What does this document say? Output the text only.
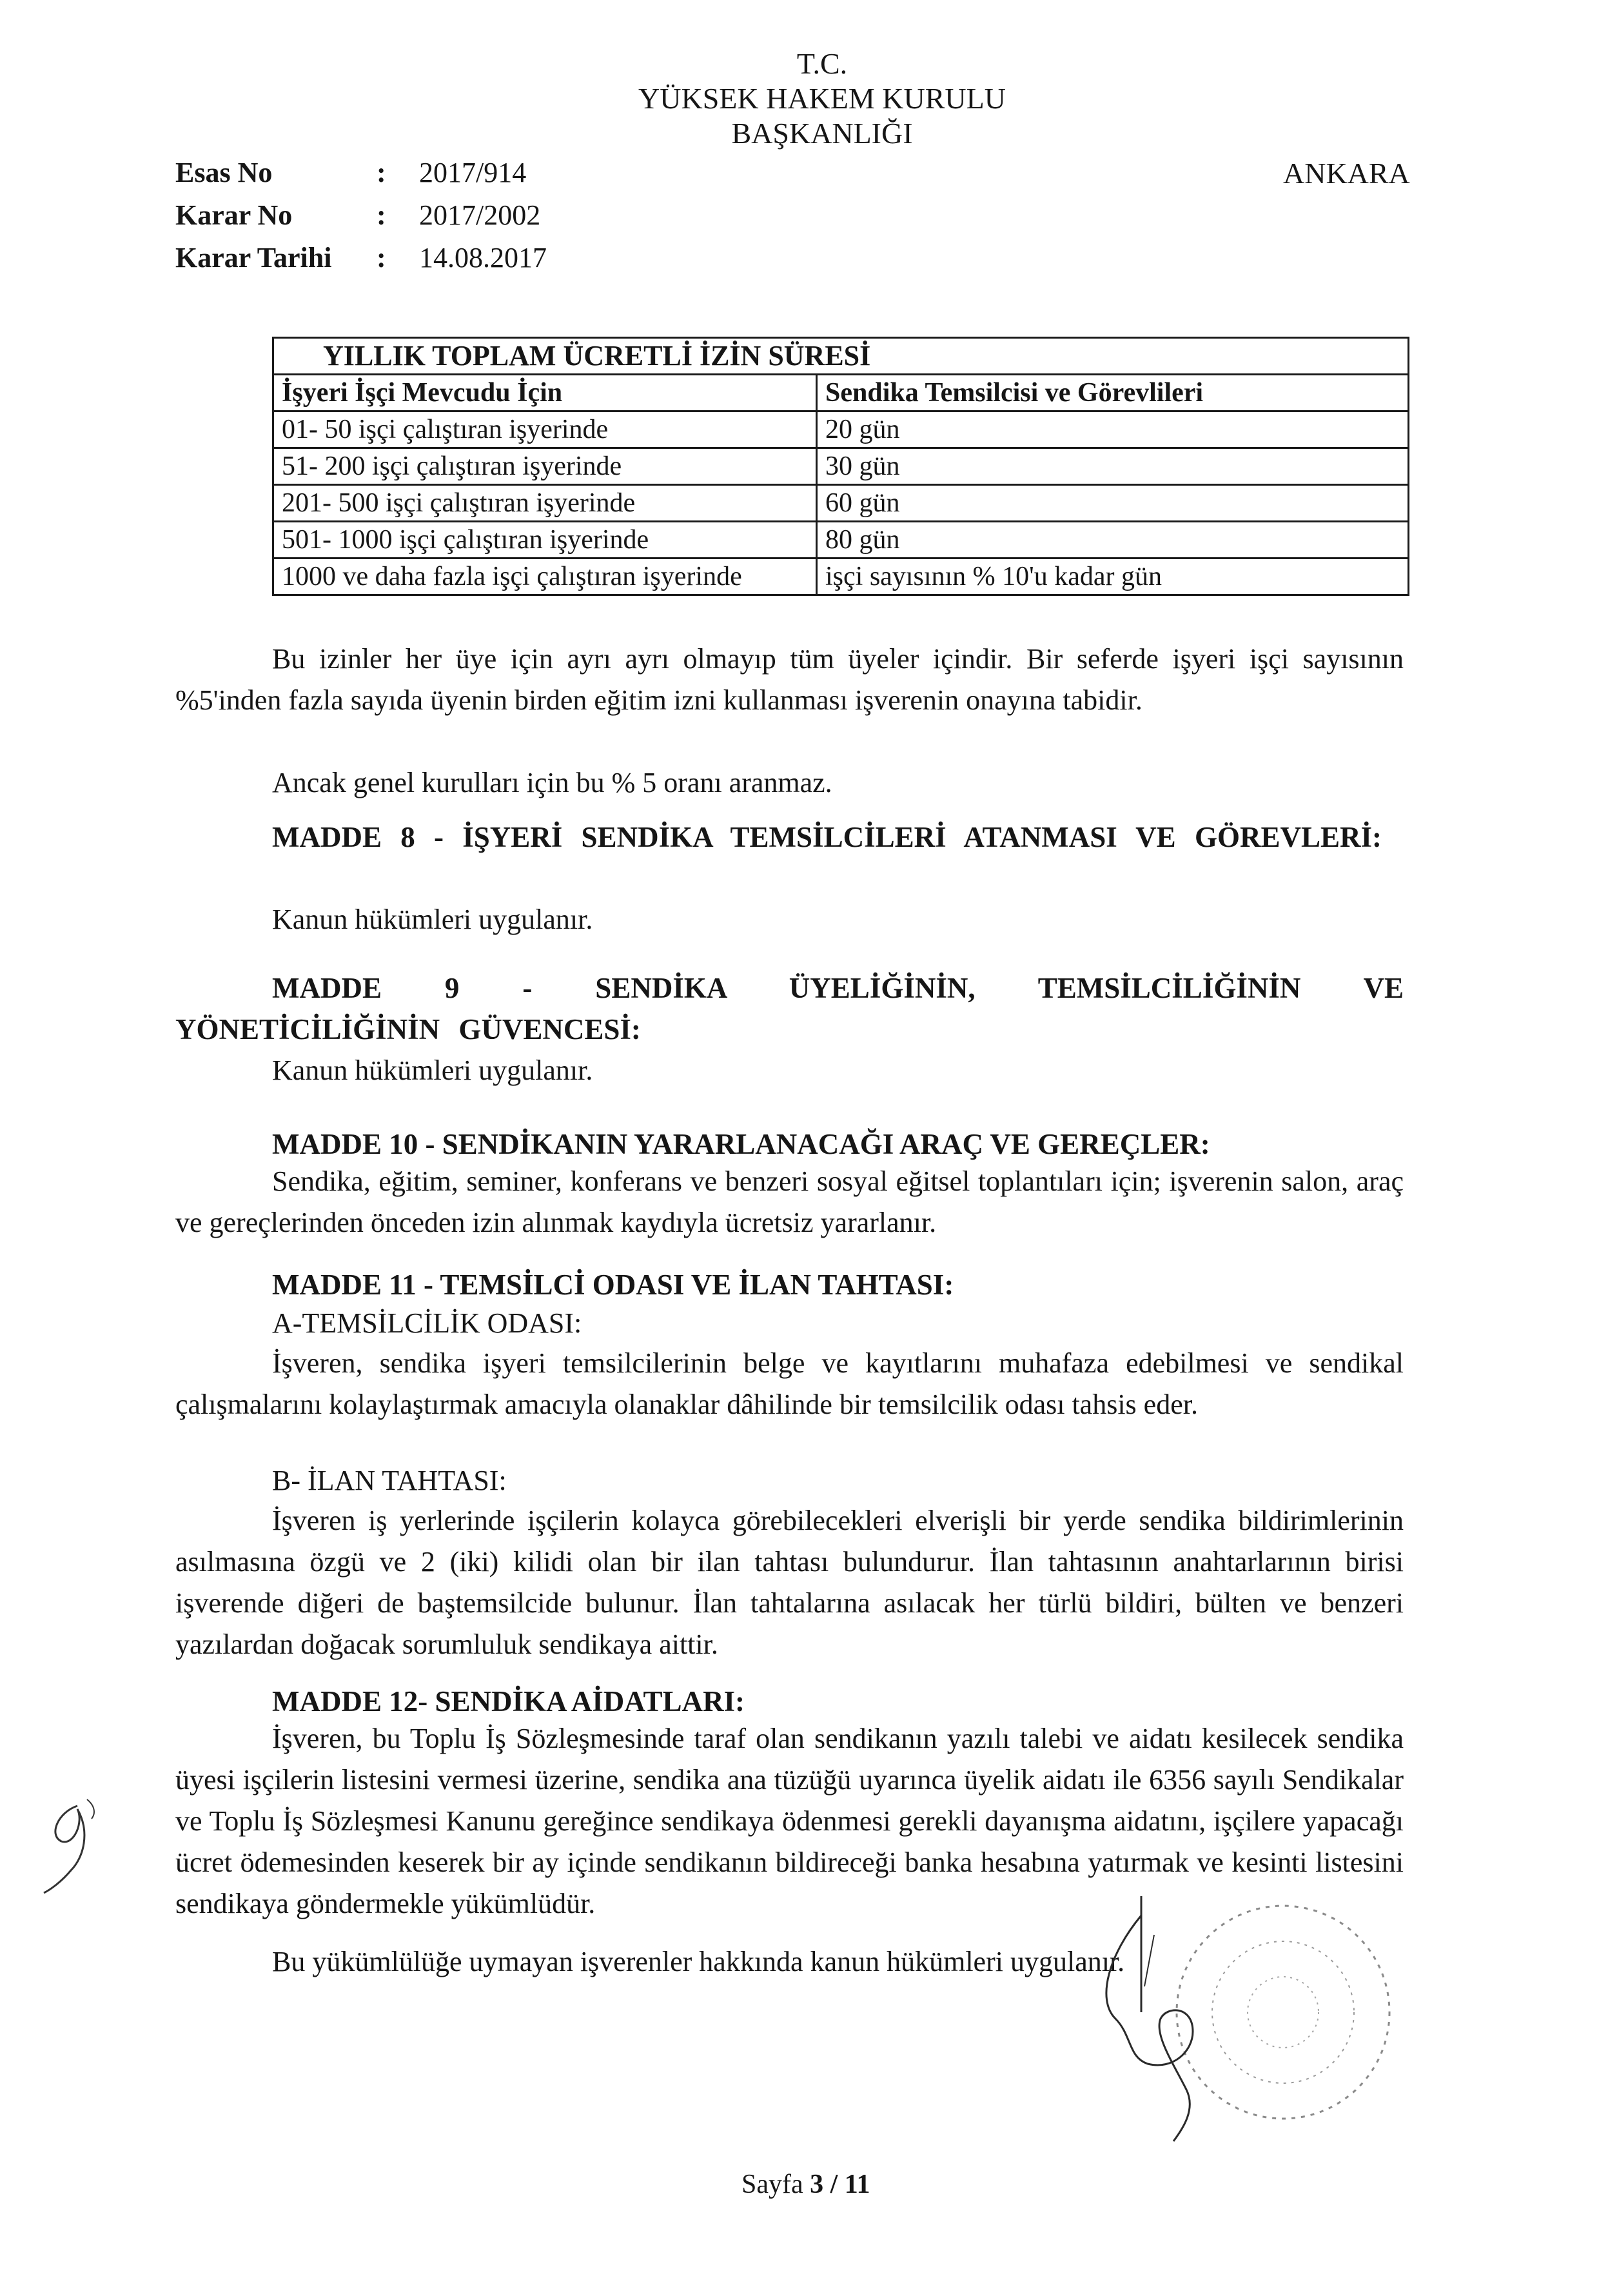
T.C.
YÜKSEK HAKEM KURULU
BAŞKANLIĞI
ANKARA
Esas No	:	2017/914
Karar No	:	2017/2002
Karar Tarihi	:	14.08.2017
YILLIK TOPLAM ÜCRETLİ İZİN SÜRESİ	
İşyeri İşçi Mevcudu İçin	Sendika Temsilcisi ve Görevlileri
01- 50 işçi çalıştıran işyerinde	20 gün
51- 200 işçi çalıştıran işyerinde	30 gün
201- 500 işçi çalıştıran işyerinde	60 gün
501- 1000 işçi çalıştıran işyerinde	80 gün
1000 ve daha fazla işçi çalıştıran işyerinde	işçi sayısının % 10'u kadar gün
Bu izinler her üye için ayrı ayrı olmayıp tüm üyeler içindir. Bir seferde işyeri işçi sayısının %5'inden fazla sayıda üyenin birden eğitim izni kullanması işverenin onayına tabidir.
Ancak genel kurulları için bu % 5 oranı aranmaz.
MADDE 8 - İŞYERİ SENDİKA TEMSİLCİLERİ ATANMASI VE GÖREVLERİ:
Kanun hükümleri uygulanır.
MADDE 9 - SENDİKA ÜYELİĞİNİN, TEMSİLCİLİĞİNİN VE YÖNETİCİLİĞİNİN GÜVENCESİ:
Kanun hükümleri uygulanır.
MADDE 10 - SENDİKANIN YARARLANACAĞI ARAÇ VE GEREÇLER:
Sendika, eğitim, seminer, konferans ve benzeri sosyal eğitsel toplantıları için; işverenin salon, araç ve gereçlerinden önceden izin alınmak kaydıyla ücretsiz yararlanır.
MADDE 11 - TEMSİLCİ ODASI VE İLAN TAHTASI:
A-TEMSİLCİLİK ODASI:
İşveren, sendika işyeri temsilcilerinin belge ve kayıtlarını muhafaza edebilmesi ve sendikal çalışmalarını kolaylaştırmak amacıyla olanaklar dâhilinde bir temsilcilik odası tahsis eder.
B- İLAN TAHTASI:
İşveren iş yerlerinde işçilerin kolayca görebilecekleri elverişli bir yerde sendika bildirimlerinin asılmasına özgü ve 2 (iki) kilidi olan bir ilan tahtası bulundurur. İlan tahtasının anahtarlarının birisi işverende diğeri de baştemsilcide bulunur. İlan tahtalarına asılacak her türlü bildiri, bülten ve benzeri yazılardan doğacak sorumluluk sendikaya aittir.
MADDE 12- SENDİKA AİDATLARI:
İşveren, bu Toplu İş Sözleşmesinde taraf olan sendikanın yazılı talebi ve aidatı kesilecek sendika üyesi işçilerin listesini vermesi üzerine, sendika ana tüzüğü uyarınca üyelik aidatı ile 6356 sayılı Sendikalar ve Toplu İş Sözleşmesi Kanunu gereğince sendikaya ödenmesi gerekli dayanışma aidatını, işçilere yapacağı ücret ödemesinden keserek bir ay içinde sendikanın bildireceği banka hesabına yatırmak ve kesinti listesini sendikaya göndermekle yükümlüdür.
Bu yükümlülüğe uymayan işverenler hakkında kanun hükümleri uygulanır.
Sayfa 3 / 11
